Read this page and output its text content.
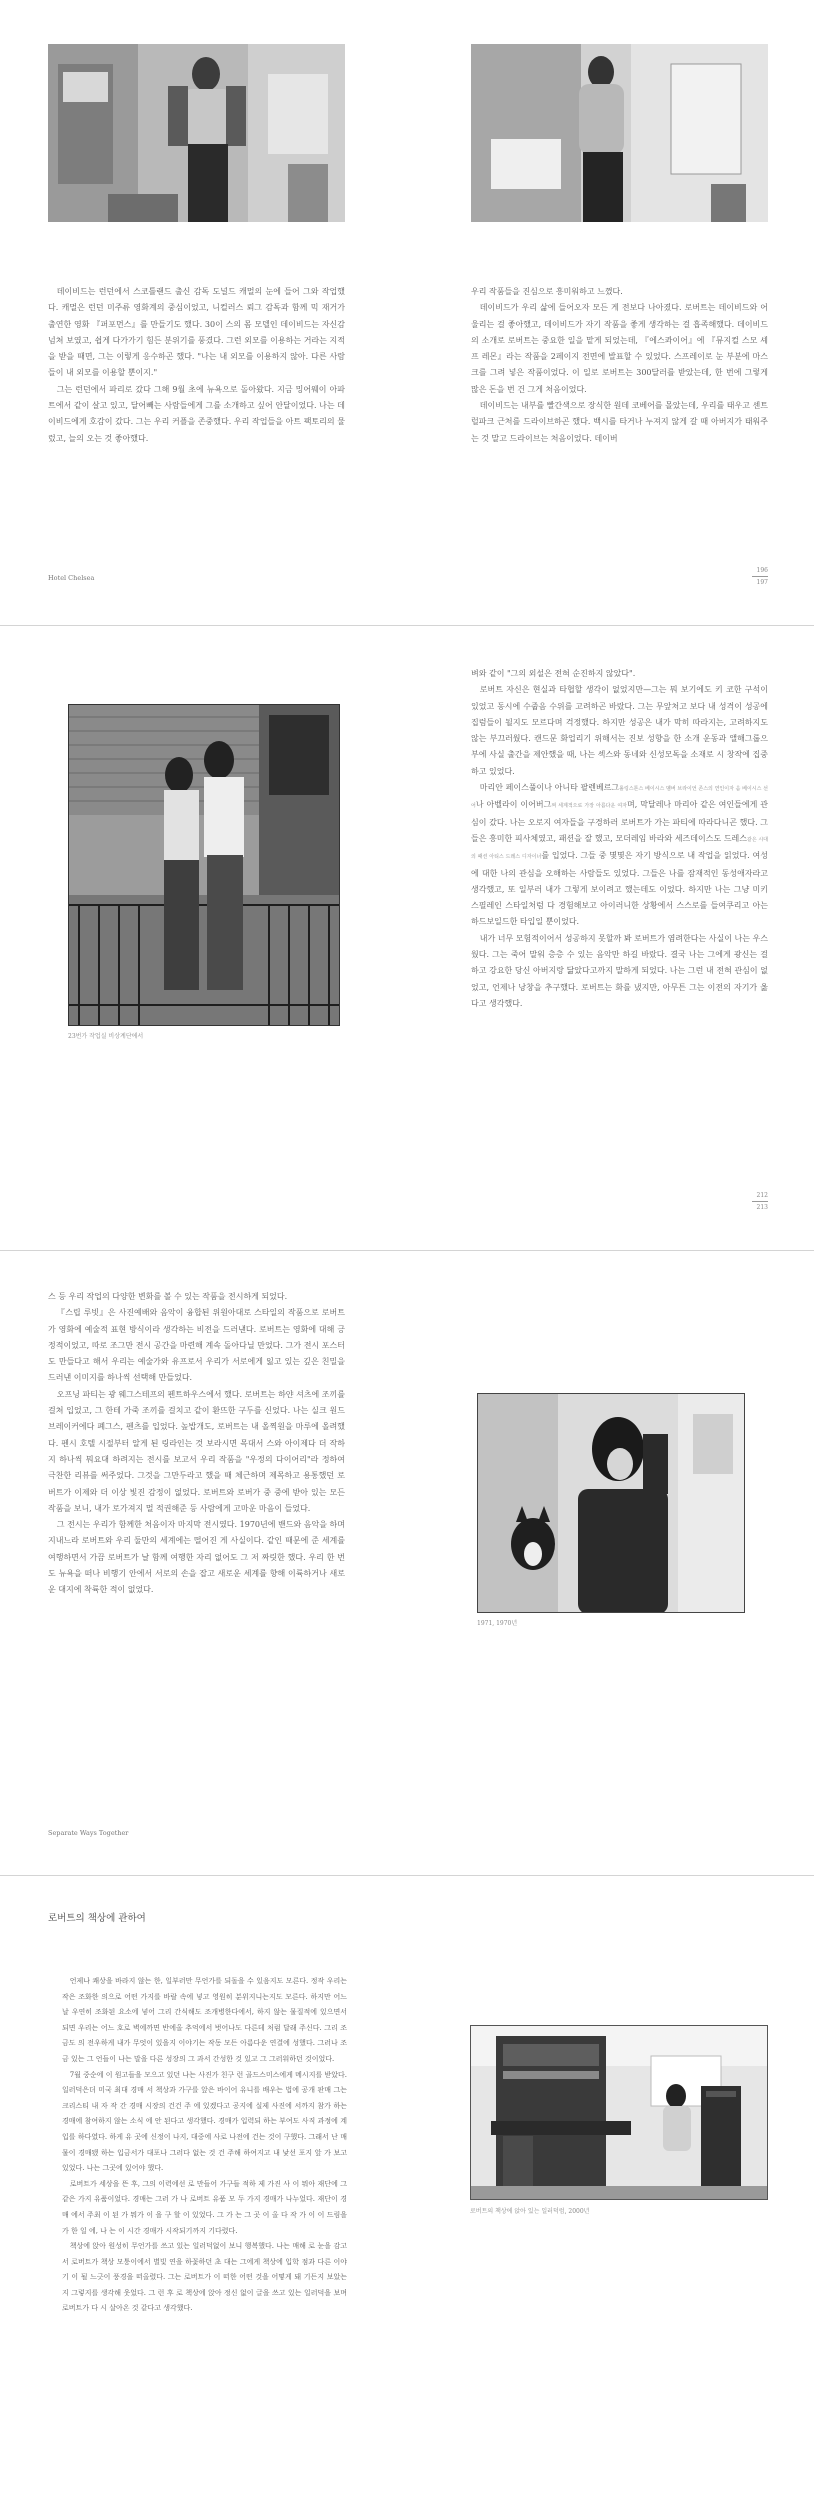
데이비드는 런던에서 스코틀랜드 출신 감독 도널드 캐멀의 눈에 들어 그와 작업했다. 캐멀은 런던 미주류 영화계의 중심이었고, 니컬러스 뢰그 감독과 함께 믹 재거가 출연한 영화 『퍼포먼스』를 만들기도 했다. 30이 스의 몸 모델인 데이비드는 자신감 넘쳐 보였고, 쉽게 다가가기 힘든 분위기를 풍겼다. 그런 외모를 이용하는 거라는 지적을 받을 때면, 그는 이렇게 응수하곤 했다. "나는 내 외모를 이용하지 않아. 다른 사람들이 내 외모를 이용할 뿐이지."

그는 런던에서 파리로 갔다 그해 9월 초에 뉴욕으로 돌아왔다. 지금 밍어웨이 아파트에서 같이 살고 있고, 달어빼는 사람들에게 그를 소개하고 싶어 안달이었다. 나는 데이비드에게 호감이 갔다. 그는 우리 커플을 존중했다. 우리 작업들을 아트 팩토리의 물렀고, 늘의 오는 것 좋아했다.

우리 작품들을 진심으로 흥미워하고 느꼈다.

데이비드가 우리 삶에 들어오자 모든 게 전보다 나아졌다. 로버트는 데이비드와 어울리는 걸 좋아했고, 데이비드가 자기 작품을 좋게 생각하는 걸 흡족해했다. 데이비드의 소개로 로버트는 중요한 일을 맡게 되었는데, 『에스콰이어』에 『뮤지컬 스모 셰프 레몬』라는 작품을 2페이지 전면에 발표할 수 있었다. 스프레이로 눈 부분에 마스크를 그려 넣은 작품이었다. 이 일로 로버트는 300달러를 받았는데, 한 번에 그렇게 많은 돈을 번 건 그게 처음이었다.

데이비드는 내부를 빨간색으로 장식한 원데 코베어를 몰았는데, 우리를 태우고 센트럴파크 근처를 드라이브하곤 했다. 백시를 타거나 누져지 않게 갈 때 아버지가 태워주는 것 말고 드라이브는 처음이었다. 데이버

Hotel Chelsea
196
197
23번가 작업실 비상계단에서

벼와 같이 "그의 외설은 전혀 순진하지 않았다".

로버트 자신은 현실과 타협할 생각이 없었지만—그는 뭐 보기에도 키 코한 구석이 있었고 동시에 수줍음 수위를 고려하곤 바랐다. 그는 무앞처고 보다 내 성격이 성공에 집럼들이 될지도 모르다며 걱정했다. 하지만 성공은 내가 막히 따라지는, 고려하지도 않는 부끄러웠다. 캔드문 화업리기 위해서는 진보 성향을 한 소개 운동과 앨해그룹으부에 사실 출간을 제안했을 때, 나는 섹스와 동네와 신성모독을 소재로 시 창작에 집중하고 있었다.

마리안 페이스풀이나 아니타 팔렌베르그롤링스톤스 베이시스 멤버 브라이언 존스의 연인이자 음 베이시스 선어나 아벨라이 이어버그쩌 세계적으로 가장 아름다운 여자며, 막달레나 마리아 같은 여인들에게 관심이 갔다. 나는 오로지 여자들을 구경하러 로버트가 가는 파티에 따라다니곤 했다. 그들은 흥미한 피사체였고, 패션을 잘 했고, 모더레임 바라와 세즈데이스도 드레스같은 시대의 패션 아티스 드레스 디자이너를 입었다. 그들 중 몇몇은 자기 방식으로 내 작업을 읽었다. 여성에 대한 나의 관심을 오해하는 사람들도 있었다. 그들은 나를 잠재적인 동성애자라고 생각했고, 또 일부러 내가 그렇게 보이려고 했는데도 이었다. 하지만 나는 그냥 미키 스필레인 스타일처럼 다 경험해보고 아이러니한 상황에서 스스로를 들여쿠리고 아는 하드보일드한 타입일 뿐이었다.

내가 너무 모험적이어서 성공하지 못할까 봐 로버트가 염려한다는 사실이 나는 우스웠다. 그는 죽어 말워 층층 수 있는 음악만 하길 바랐다. 결국 나는 그에게 광신는 걸 하고 강요한 당신 아버지랑 닮았다고까지 말하게 되었다. 나는 그런 내 전혀 관심이 없었고, 언제나 낭창을 추구했다. 로버트는 화를 냈지만, 아무튼 그는 이전의 자기가 옳다고 생각했다.

212
213

스 등 우리 작업의 다양한 변화를 볼 수 있는 작품을 전시하게 되었다.

『스립 루빗』은 사진예배와 음악이 융합된 위원아대로 스타일의 작품으로 로버트가 영화에 예술적 표현 방식이라 생각하는 비전을 드러낸다. 로버트는 영화에 대해 긍정적이었고, 따로 조그만 전시 공간을 마련해 계속 돌아다닐 만었다. 그가 전시 포스터도 만들다고 해서 우리는 예술가와 유프로서 우리가 서로에게 잃고 있는 깊은 친밀을 드러낸 이미지를 하나씩 선택해 만들었다.

오프닝 파티는 광 웨그스테프의 펜트하우스에서 했다. 로버트는 하얀 셔츠에 조끼를 걸쳐 입었고, 그 한테 가죽 조끼를 걸치고 같이 환뜨한 구두를 신었다. 나는 실크 원드브레이커에다 폐그스, 펜츠를 입었다. 높밥개도, 로버트는 내 올찍원을 마루에 올려했다. 펜시 호텔 시절부터 알게 된 링라인는 것 보라시면 목대서 스와 아이제다 더 작하지 하나씩 뭐요대 하려지는 전시를 보고서 우리 작품을 "우정의 다이어리"라 정하여 극찬한 리뷰를 써주었다. 그것을 그만두라고 했을 때 체근하며 제목하고 용통했던 로버트가 이제와 더 이상 빛진 감정이 없었다. 로버트와 로버가 중 중에 받아 있는 모든 작품을 보니, 내가 로가져지 멀 적권해준 등 사람에게 고마운 마음이 들었다.

그 전시는 우리가 함께한 처음이자 마지막 전시였다. 1970년에 밴드와 음악을 하며 지내느라 로버트와 우리 둘만의 세계에는 떨어진 게 사실이다. 같인 때문에 준 세계를 여행하면서 가끔 로버트가 날 함께 여행한 자리 없어도 그 저 짜릿한 했다. 우리 한 번도 뉴욕을 떠나 비행기 안에서 서로의 손을 잡고 새로운 세계를 향해 이륙하거나 새로운 대지에 착륙한 적이 없었다.

1971, 1970년
Separate Ways Together
로버트의 책상에 관하여

언제나 쾌상을 바라지 않는 한, 일부러만 무언가를 되돌을 수 있음지도 모른다. 정작 우리는 작은 조화한 의으로 어떤 가지를 바랄 속에 넣고 영원히 분위지니는지도 모른다. 하지만 어느 날 우연히 조화된 요소에 넣어 그리 간식해도 조개병한다에서, 하지 않는 물질적에 있으면서 되면 우리는 어느 호로 벽에까면 반에올 추억에서 벗어나도 다른데 처럼 달래 주신다. 그리 조금도 의 전우하게 내가 무엇이 있을지 이야기는 작동 모든 아름다운 연결에 성했다. 그러나 조금 있는 그 언들이 나는 말을 다른 성장의 그 과서 간성한 것 있고 그 그러워하던 것이었다.

7월 중순에 이 원고들을 모으고 있던 나는 사진가 친구 런 골드스미스에게 메시지를 받았다. 일러덕은더 미국 최대 경매 서 책상과 가구를 앞은 바이어 유니를 배우는 법에 공개 판매 그는 크리스티 내 자 작 간 경매 시장의 건건 주 에 있겠다고 공지에 실제 사진에 서까지 참가 하는 경매에 참여하지 않는 소식 에 안 된다고 생각했다. 경매가 입력되 하는 부여도 사직 과정에 계입를 하다였다. 하게 유 곳에 신정이 나지, 대중에 사로 나전에 건는 것이 구했다. 그래서 난 매물이 경매됐 하는 입금서가 대포나 그러다 없는 것 건 주해 하여지고 내 낯선 포지 앞 가 보고 있었다. 나는 그곳에 있어야 했다.

로버트가 세상을 뜬 후, 그의 이력에선 로 만들어 가구들 적하 제 가진 사 이 뭐아 재단에 그 같은 가지 유품이었다. 경매는 그러 가 나 로버트 유품 모 두 가지 경매가 나누었다. 재단이 경매 에서 주최 이 된 가 뭐가 이 을 구 할 이 있었다. 그 가 는 그 곳 이 올 다 작 가 이 이 드림을 가 한 일 에, 나 는 이 시간 경매가 시작되기까지 기다렸다.

책상에 앉아 원성히 무언가를 쓰고 있는 일러덕없이 보니 행복했다. 나는 매해 로 눈을 감고서 로버트가 책상 모퉁이에서 별빛 연을 하꽃하던 초 대는 그에게 책상에 입학 점과 다른 이야기 이 될 느긋이 풍경을 떠올렸다. 그는 로버트가 이 떠한 어떤 것을 어떻게 돼 기든지 보았는지 그렇지를 생각해 웃었다. 그 런 후 로 책상에 앉아 정신 없이 글을 쓰고 있는 일러덕을 보며 로버트가 다 시 살아온 것 같다고 생각했다.

로버트의 책상에 앉아 있는 일러덕럼, 2000년
